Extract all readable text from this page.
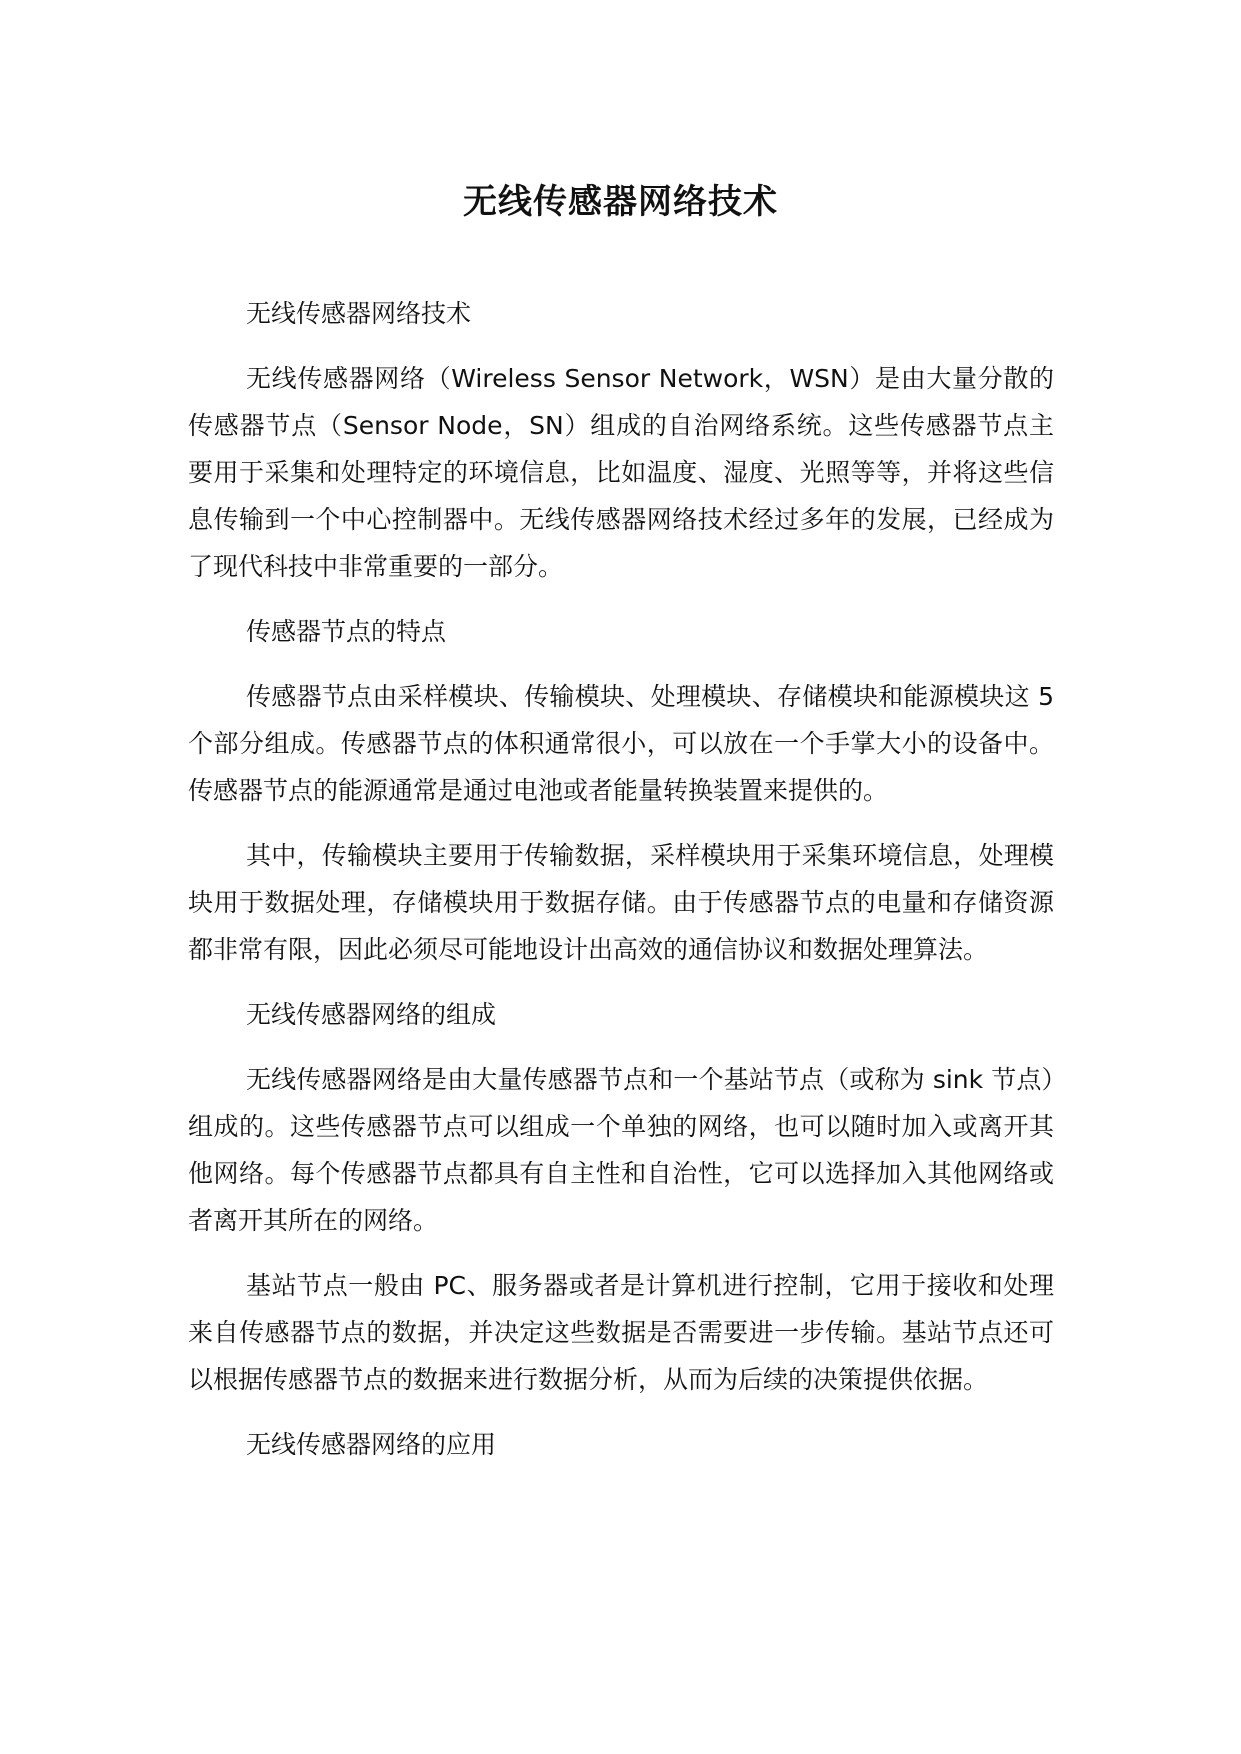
无线传感器网络技术

无线传感器网络技术

无线传感器网络（Wireless Sensor Network，WSN）是由大量分散的传感器节点（Sensor Node，SN）组成的自治网络系统。这些传感器节点主要用于采集和处理特定的环境信息，比如温度、湿度、光照等等，并将这些信息传输到一个中心控制器中。无线传感器网络技术经过多年的发展，已经成为了现代科技中非常重要的一部分。

传感器节点的特点

传感器节点由采样模块、传输模块、处理模块、存储模块和能源模块这 5 个部分组成。传感器节点的体积通常很小，可以放在一个手掌大小的设备中。传感器节点的能源通常是通过电池或者能量转换装置来提供的。

其中，传输模块主要用于传输数据，采样模块用于采集环境信息，处理模块用于数据处理，存储模块用于数据存储。由于传感器节点的电量和存储资源都非常有限，因此必须尽可能地设计出高效的通信协议和数据处理算法。

无线传感器网络的组成

无线传感器网络是由大量传感器节点和一个基站节点（或称为 sink 节点）组成的。这些传感器节点可以组成一个单独的网络，也可以随时加入或离开其他网络。每个传感器节点都具有自主性和自治性，它可以选择加入其他网络或者离开其所在的网络。

基站节点一般由 PC、服务器或者是计算机进行控制，它用于接收和处理来自传感器节点的数据，并决定这些数据是否需要进一步传输。基站节点还可以根据传感器节点的数据来进行数据分析，从而为后续的决策提供依据。

无线传感器网络的应用
